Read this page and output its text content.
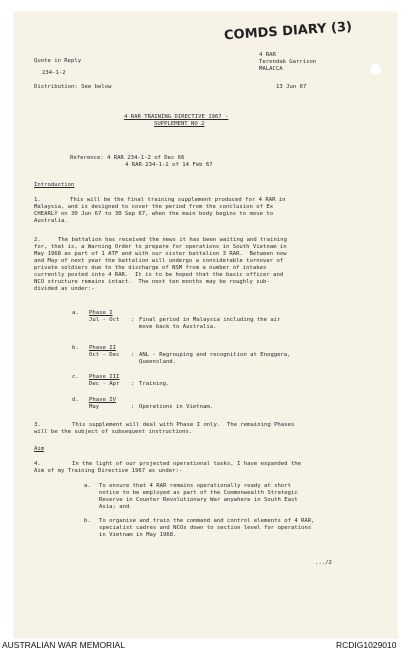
COMDS DIARY (3)
Quote in Reply
234-1-2
Distribution: See below
4 RAR
Terendak Garrison
MALACCA
13 Jun 67
4 RAR TRAINING DIRECTIVE 1967 -
SUPPLEMENT NO 2
Reference: 4 RAR 234-1-2 of Dec 66
4 RAR 234-1-2 of 14 Feb 67
Introduction
1.	This will be the final training supplement produced for 4 RAR in
Malaysia, and is designed to cover the period from the conclusion of Ex
CHEARLY on 30 Jun 67 to 30 Sep 67, when the main body begins to move to
Australia.
2.	The battalion has received the news it has been waiting and training
for, that is, a Warning Order to prepare for operations in South Vietnam in
May 1968 as part of 1 ATF and with our sister battalion 3 RAR.  Between now
and May of next year the battalion will undergo a considerable turnover of
private soldiers due to the discharge of NSM from a number of intakes
currently posted into 4 RAR.  It is to be hoped that the basic officer and
NCO structure remains intact.  The next ten months may be roughly sub-
divided as under:-
a. Phase I
Jul - Oct : Final period in Malaysia including the air
move back to Australia.
b. Phase II
Oct - Dec : ANL - Regrouping and recognition at Enoggera,
Queensland.
c. Phase III
Dec - Apr : Training.
d. Phase IV
May	: Operations in Vietnam.
3.	This supplement will deal with Phase I only.  The remaining Phases
will be the subject of subsequent instructions.
Aim
4.	In the light of our projected operational tasks, I have expanded the
Aim of my Training Directive 1967 as under:-
a. To ensure that 4 RAR remains operationally ready at short
notice to be employed as part of the Commonwealth Strategic
Reserve in Counter Revolutionary War anywhere in South East
Asia; and
b. To organise and train the command and control elements of 4 RAR,
specialist cadres and NCOs down to section level for operations
in Vietnam in May 1968.
.../2
AUSTRALIAN WAR MEMORIAL	RCDIG1029010
